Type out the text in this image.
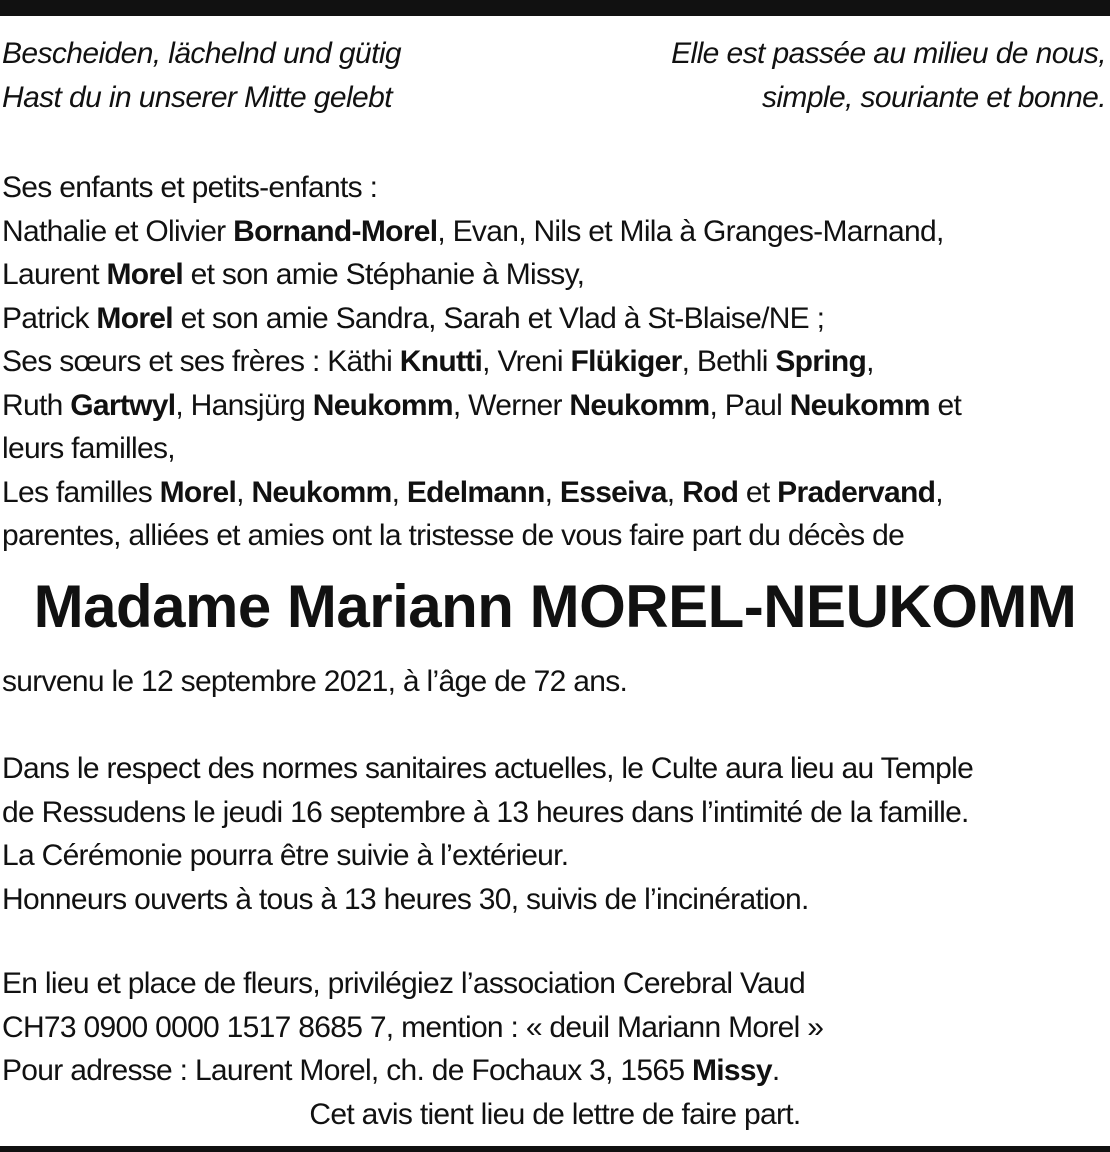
Bescheiden, lächelnd und gütig
Hast du in unserer Mitte gelebt
Elle est passée au milieu de nous,
simple, souriante et bonne.
Ses enfants et petits-enfants :
Nathalie et Olivier Bornand-Morel, Evan, Nils et Mila à Granges-Marnand,
Laurent Morel et son amie Stéphanie à Missy,
Patrick Morel et son amie Sandra, Sarah et Vlad à St-Blaise/NE ;
Ses sœurs et ses frères : Käthi Knutti, Vreni Flükiger, Bethli Spring,
Ruth Gartwyl, Hansjürg Neukomm, Werner Neukomm, Paul Neukomm et
leurs familles,
Les familles Morel, Neukomm, Edelmann, Esseiva, Rod et Pradervand,
parentes, alliées et amies ont la tristesse de vous faire part du décès de
Madame Mariann MOREL-NEUKOMM
survenu le 12 septembre 2021, à l’âge de 72 ans.
Dans le respect des normes sanitaires actuelles, le Culte aura lieu au Temple
de Ressudens le jeudi 16 septembre à 13 heures dans l’intimité de la famille.
La Cérémonie pourra être suivie à l’extérieur.
Honneurs ouverts à tous à 13 heures 30, suivis de l’incinération.
En lieu et place de fleurs, privilégiez l’association Cerebral Vaud
CH73 0900 0000 1517 8685 7, mention : « deuil Mariann Morel »
Pour adresse : Laurent Morel, ch. de Fochaux 3, 1565 Missy.
Cet avis tient lieu de lettre de faire part.
